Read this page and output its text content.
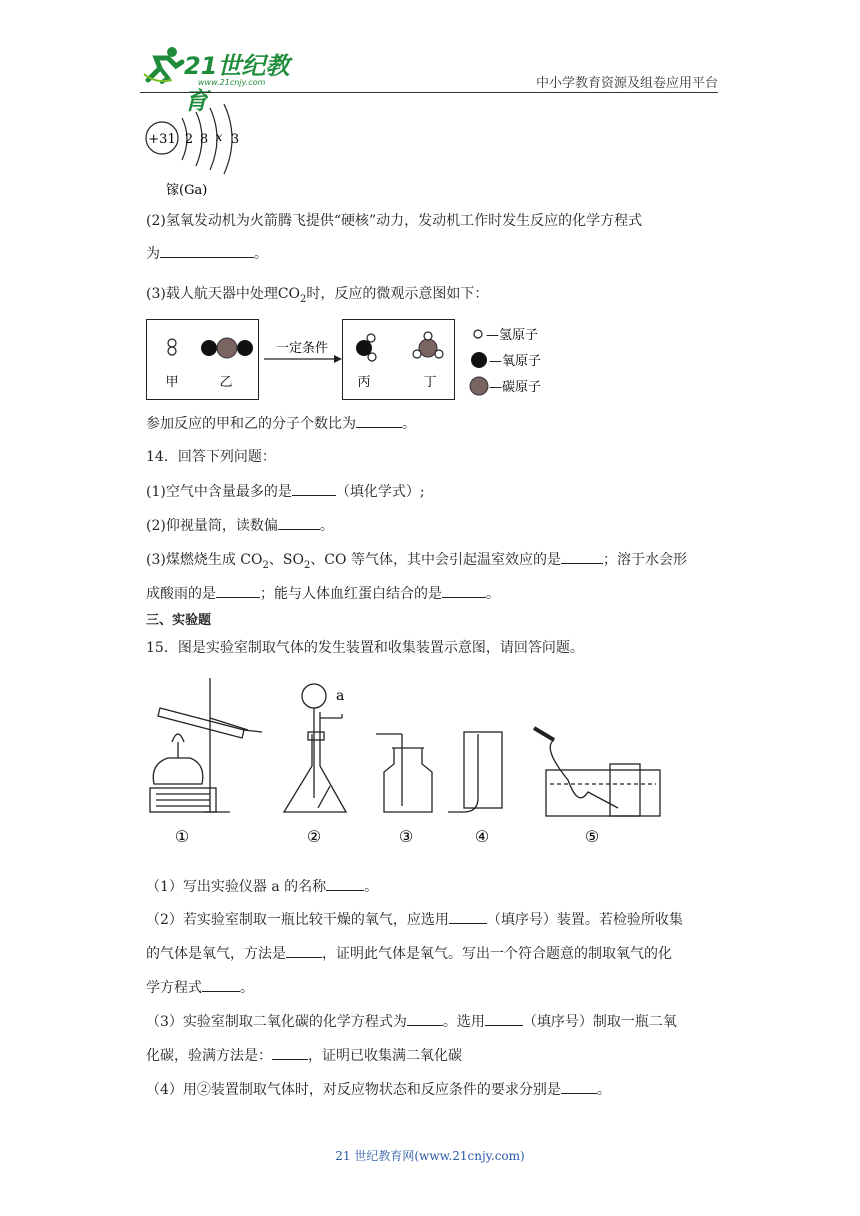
21世纪教育
www.21cnjy.com	中小学教育资源及组卷应用平台
+31 2 8 x 3
镓(Ga)
(2)氢氧发动机为火箭腾飞提供“硬核”动力，发动机工作时发生反应的化学方程式
为	。
(3)载人航天器中处理$CO_2$时，反应的微观示意图如下：
甲	乙
一定条件
丙	丁
—氢原子
—氧原子
—碳原子
参加反应的甲和乙的分子个数比为	。
14．回答下列问题：
(1)空气中含量最多的是	（填化学式）;
(2)仰视量筒，读数偏	。
(3)煤燃烧生成 $CO_2$、$SO_2$、CO 等气体，其中会引起温室效应的是	；溶于水会形
成酸雨的是	；能与人体血红蛋白结合的是	。
三、实验题
15．图是实验室制取气体的发生装置和收集装置示意图，请回答问题。
a
①	②	③	④	⑤
（1）写出实验仪器 a 的名称	。
（2）若实验室制取一瓶比较干燥的氧气，应选用	（填序号）装置。若检验所收集
的气体是氧气，方法是	，证明此气体是氧气。写出一个符合题意的制取氧气的化
学方程式	。
（3）实验室制取二氧化碳的化学方程式为	。选用	（填序号）制取一瓶二氧
化碳，验满方法是：	，证明已收集满二氧化碳
（4）用②装置制取气体时，对反应物状态和反应条件的要求分别是	。
21 世纪教育网(www.21cnjy.com)
